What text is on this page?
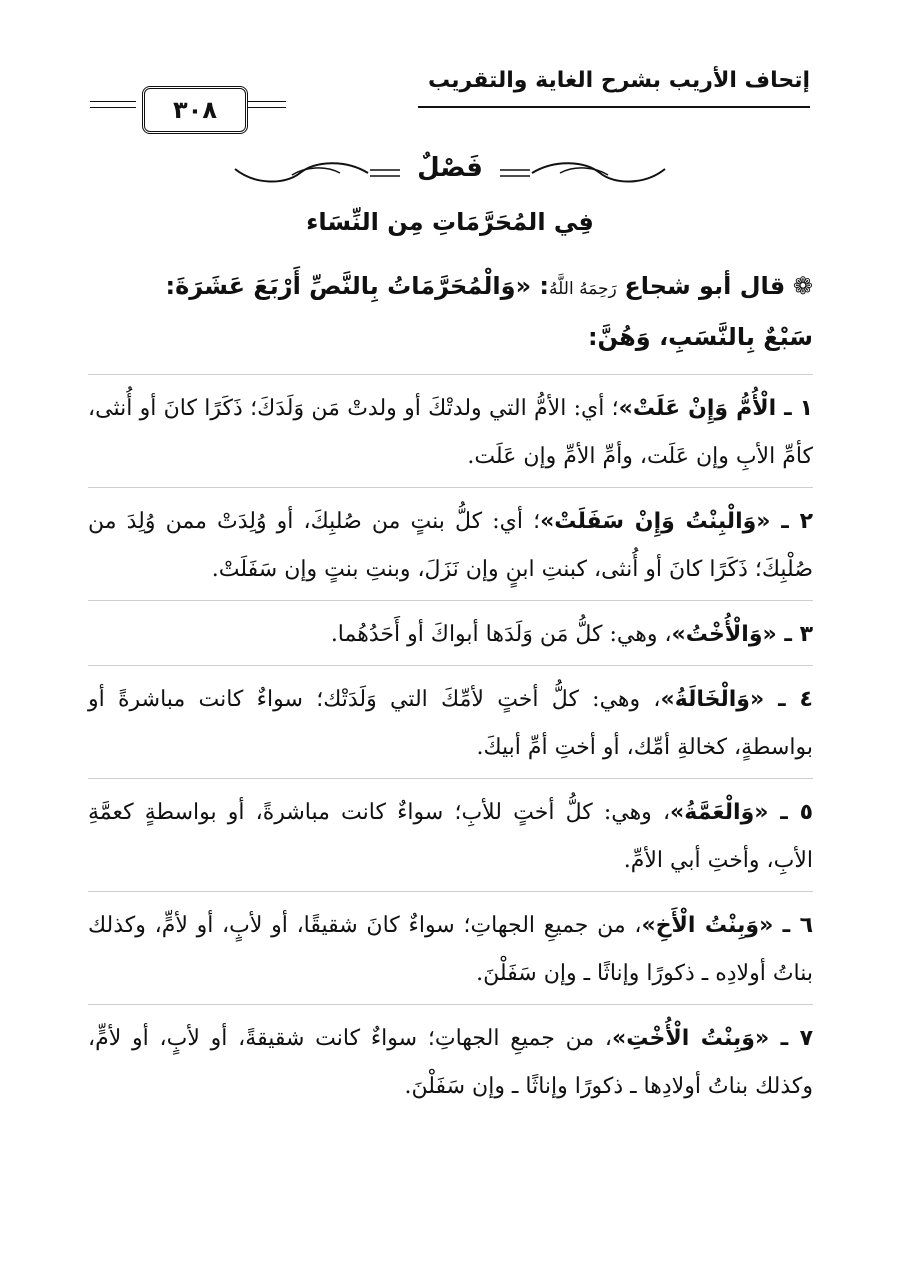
إتحاف الأريب بشرح الغاية والتقريب
٣٠٨
فَصْلٌ
فِي المُحَرَّمَاتِ مِن النِّسَاء
❁ قال أبو شجاع رَحِمَهُ اللَّهُ: «وَالْمُحَرَّمَاتُ بِالنَّصِّ أَرْبَعَ عَشَرَةَ:
سَبْعٌ بِالنَّسَبِ، وَهُنَّ:

١ ـ الْأُمُّ وَإِنْ عَلَتْ»؛ أي: الأمُّ التي ولدتْكَ أو ولدتْ مَن وَلَدَكَ؛ ذَكَرًا كانَ أو أُنثى، كأمِّ الأبِ وإن عَلَت، وأمِّ الأمِّ وإن عَلَت.

٢ ـ «وَالْبِنْتُ وَإِنْ سَفَلَتْ»؛ أي: كلُّ بنتٍ من صُلبِكَ، أو وُلِدَتْ ممن وُلِدَ من صُلْبِكَ؛ ذَكَرًا كانَ أو أُنثى، كبنتِ ابنٍ وإن نَزَلَ، وبنتِ بنتٍ وإن سَفَلَتْ.

٣ ـ «وَالْأُخْتُ»، وهي: كلُّ مَن وَلَدَها أبواكَ أو أَحَدُهُما.

٤ ـ «وَالْخَالَةُ»، وهي: كلُّ أختٍ لأمِّكَ التي وَلَدَتْك؛ سواءٌ كانت مباشرةً أو بواسطةٍ، كخالةِ أمِّك، أو أختِ أمِّ أبيكَ.

٥ ـ «وَالْعَمَّةُ»، وهي: كلُّ أختٍ للأبِ؛ سواءٌ كانت مباشرةً، أو بواسطةٍ كعمَّةِ الأبِ، وأختِ أبي الأمِّ.

٦ ـ «وَبِنْتُ الْأَخِ»، من جميعِ الجهاتِ؛ سواءٌ كانَ شقيقًا، أو لأبٍ، أو لأمٍّ، وكذلك بناتُ أولادِه ـ ذكورًا وإناثًا ـ وإن سَفَلْنَ.

٧ ـ «وَبِنْتُ الْأُخْتِ»، من جميعِ الجهاتِ؛ سواءٌ كانت شقيقةً، أو لأبٍ، أو لأمٍّ، وكذلك بناتُ أولادِها ـ ذكورًا وإناثًا ـ وإن سَفَلْنَ.
